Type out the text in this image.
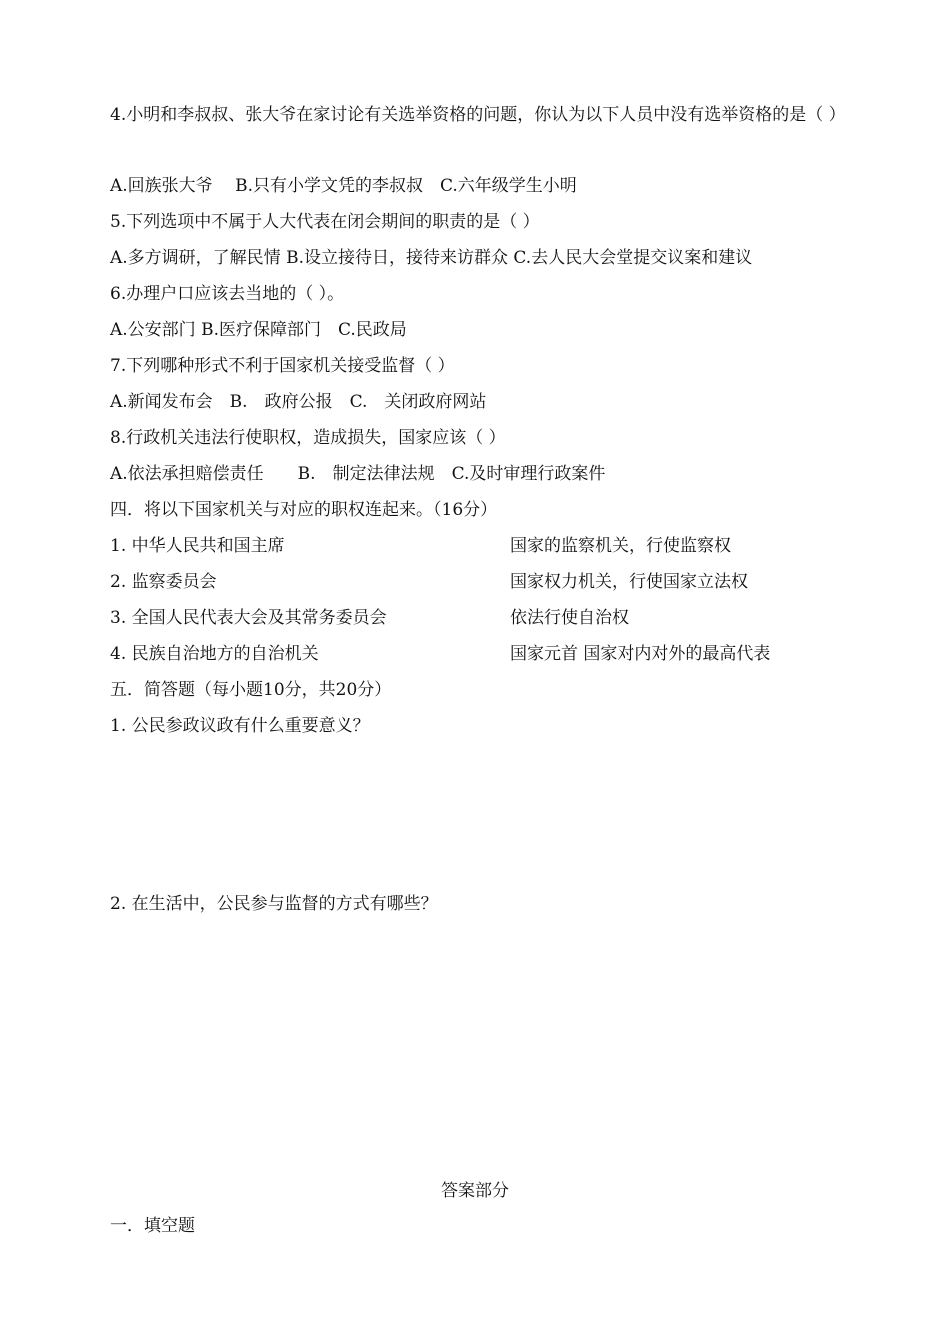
4.小明和李叔叔、张大爷在家讨论有关选举资格的问题，你认为以下人员中没有选举资格的是（ ）
A.回族张大爷　 B.只有小学文凭的李叔叔　C.六年级学生小明
5.下列选项中不属于人大代表在闭会期间的职责的是（ ）
A.多方调研，了解民情 B.设立接待日，接待来访群众 C.去人民大会堂提交议案和建议
6.办理户口应该去当地的（ ）。
A.公安部门 B.医疗保障部门　C.民政局
7.下列哪种形式不利于国家机关接受监督（ ）
A.新闻发布会　B.　政府公报　C.　关闭政府网站
8.行政机关违法行使职权，造成损失，国家应该（ ）
A.依法承担赔偿责任　　B.　制定法律法规　C.及时审理行政案件
四．将以下国家机关与对应的职权连起来。（16分）
1. 中华人民共和国主席	国家的监察机关，行使监察权
2. 监察委员会	国家权力机关，行使国家立法权
3. 全国人民代表大会及其常务委员会	依法行使自治权
4. 民族自治地方的自治机关	国家元首 国家对内对外的最高代表
五．简答题（每小题10分，共20分）
1. 公民参政议政有什么重要意义？
2. 在生活中，公民参与监督的方式有哪些？
答案部分
一．填空题
